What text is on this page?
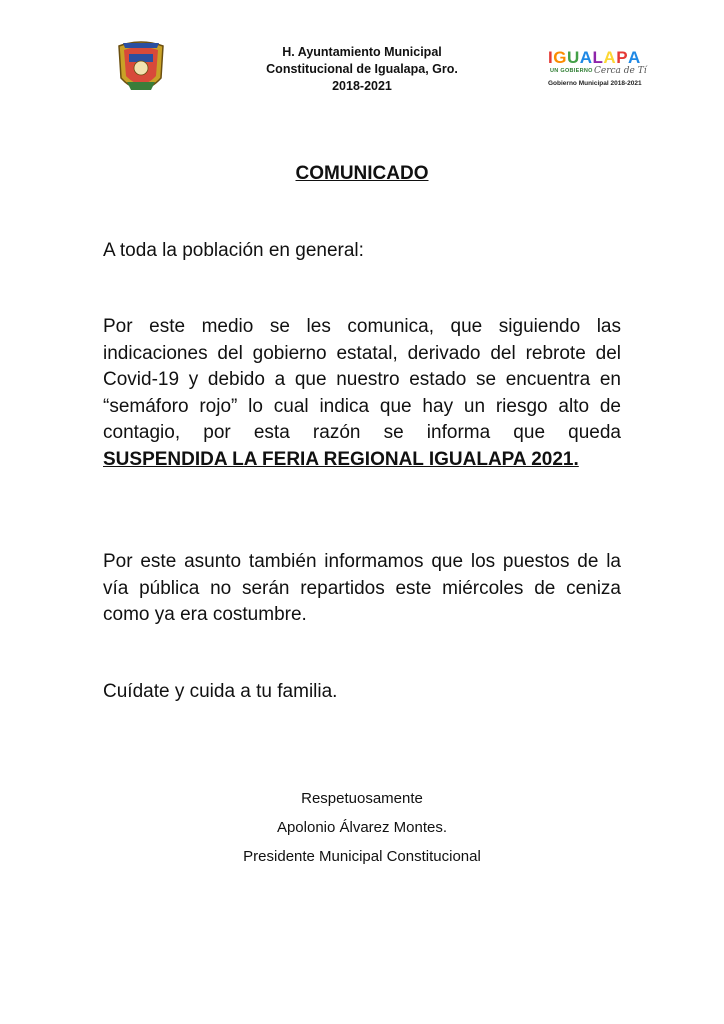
H. Ayuntamiento Municipal
Constitucional de Igualapa, Gro.
2018-2021
IGUALAPA
UN GOBIERNO Cerca de Tí
Gobierno Municipal 2018-2021
COMUNICADO
A toda la población en general:
Por este medio se les comunica, que siguiendo las indicaciones del gobierno estatal, derivado del rebrote del Covid-19 y debido a que nuestro estado se encuentra en “semáforo rojo” lo cual indica que hay un riesgo alto de contagio, por esta razón se informa que queda SUSPENDIDA LA FERIA REGIONAL IGUALAPA 2021.
Por este asunto también informamos que los puestos de la vía pública no serán repartidos este miércoles de ceniza como ya era costumbre.
Cuídate y cuida a tu familia.
Respetuosamente
Apolonio Álvarez Montes.
Presidente Municipal Constitucional
